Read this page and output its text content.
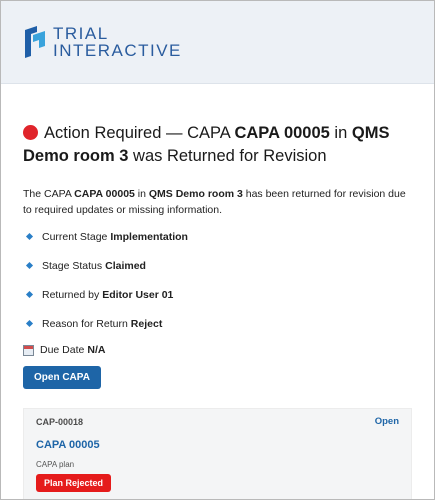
TRIAL
INTERACTIVE
Action Required — CAPA CAPA 00005 in QMS Demo room 3 was Returned for Revision
The CAPA CAPA 00005 in QMS Demo room 3 has been returned for revision due to required updates or missing information.
Current Stage Implementation
Stage Status Claimed
Returned by Editor User 01
Reason for Return Reject
Due Date N/A
Open CAPA
CAP-00018	Open
CAPA 00005
CAPA plan
Plan Rejected
